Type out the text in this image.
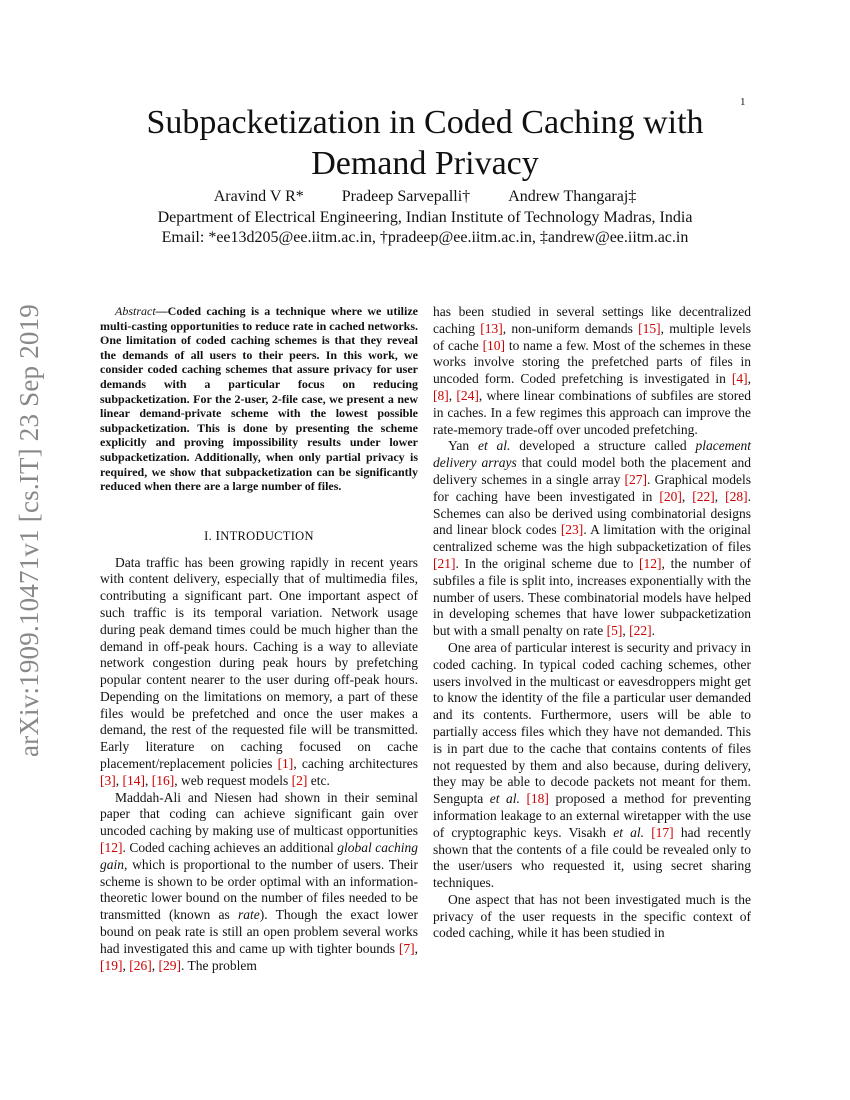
1
arXiv:1909.10471v1 [cs.IT] 23 Sep 2019
Subpacketization in Coded Caching with
Demand Privacy
Aravind V R* Pradeep Sarvepalli† Andrew Thangaraj‡
Department of Electrical Engineering, Indian Institute of Technology Madras, India
Email: *ee13d205@ee.iitm.ac.in, †pradeep@ee.iitm.ac.in, ‡andrew@ee.iitm.ac.in

Abstract—Coded caching is a technique where we utilize multi-casting opportunities to reduce rate in cached networks. One limitation of coded caching schemes is that they reveal the demands of all users to their peers. In this work, we consider coded caching schemes that assure privacy for user demands with a particular focus on reducing subpacketization. For the 2-user, 2-file case, we present a new linear demand-private scheme with the lowest possible subpacketization. This is done by presenting the scheme explicitly and proving impossibility results under lower subpacketization. Additionally, when only partial privacy is required, we show that subpacketization can be significantly reduced when there are a large number of files.

I. INTRODUCTION

Data traffic has been growing rapidly in recent years with content delivery, especially that of multimedia files, contributing a significant part. One important aspect of such traffic is its temporal variation. Network usage during peak demand times could be much higher than the demand in off-peak hours. Caching is a way to alleviate network congestion during peak hours by prefetching popular content nearer to the user during off-peak hours. Depending on the limitations on memory, a part of these files would be prefetched and once the user makes a demand, the rest of the requested file will be transmitted. Early literature on caching focused on cache placement/replacement policies [1], caching architectures [3], [14], [16], web request models [2] etc.

Maddah-Ali and Niesen had shown in their seminal paper that coding can achieve significant gain over uncoded caching by making use of multicast opportunities [12]. Coded caching achieves an additional global caching gain, which is proportional to the number of users. Their scheme is shown to be order optimal with an information-theoretic lower bound on the number of files needed to be transmitted (known as rate). Though the exact lower bound on peak rate is still an open problem several works had investigated this and came up with tighter bounds [7], [19], [26], [29]. The problem

has been studied in several settings like decentralized caching [13], non-uniform demands [15], multiple levels of cache [10] to name a few. Most of the schemes in these works involve storing the prefetched parts of files in uncoded form. Coded prefetching is investigated in [4], [8], [24], where linear combinations of subfiles are stored in caches. In a few regimes this approach can improve the rate-memory trade-off over uncoded prefetching.

Yan et al. developed a structure called placement delivery arrays that could model both the placement and delivery schemes in a single array [27]. Graphical models for caching have been investigated in [20], [22], [28]. Schemes can also be derived using combinatorial designs and linear block codes [23]. A limitation with the original centralized scheme was the high subpacketization of files [21]. In the original scheme due to [12], the number of subfiles a file is split into, increases exponentially with the number of users. These combinatorial models have helped in developing schemes that have lower subpacketization but with a small penalty on rate [5], [22].

One area of particular interest is security and privacy in coded caching. In typical coded caching schemes, other users involved in the multicast or eavesdroppers might get to know the identity of the file a particular user demanded and its contents. Furthermore, users will be able to partially access files which they have not demanded. This is in part due to the cache that contains contents of files not requested by them and also because, during delivery, they may be able to decode packets not meant for them. Sengupta et al. [18] proposed a method for preventing information leakage to an external wiretapper with the use of cryptographic keys. Visakh et al. [17] had recently shown that the contents of a file could be revealed only to the user/users who requested it, using secret sharing techniques.

One aspect that has not been investigated much is the privacy of the user requests in the specific context of coded caching, while it has been studied in
